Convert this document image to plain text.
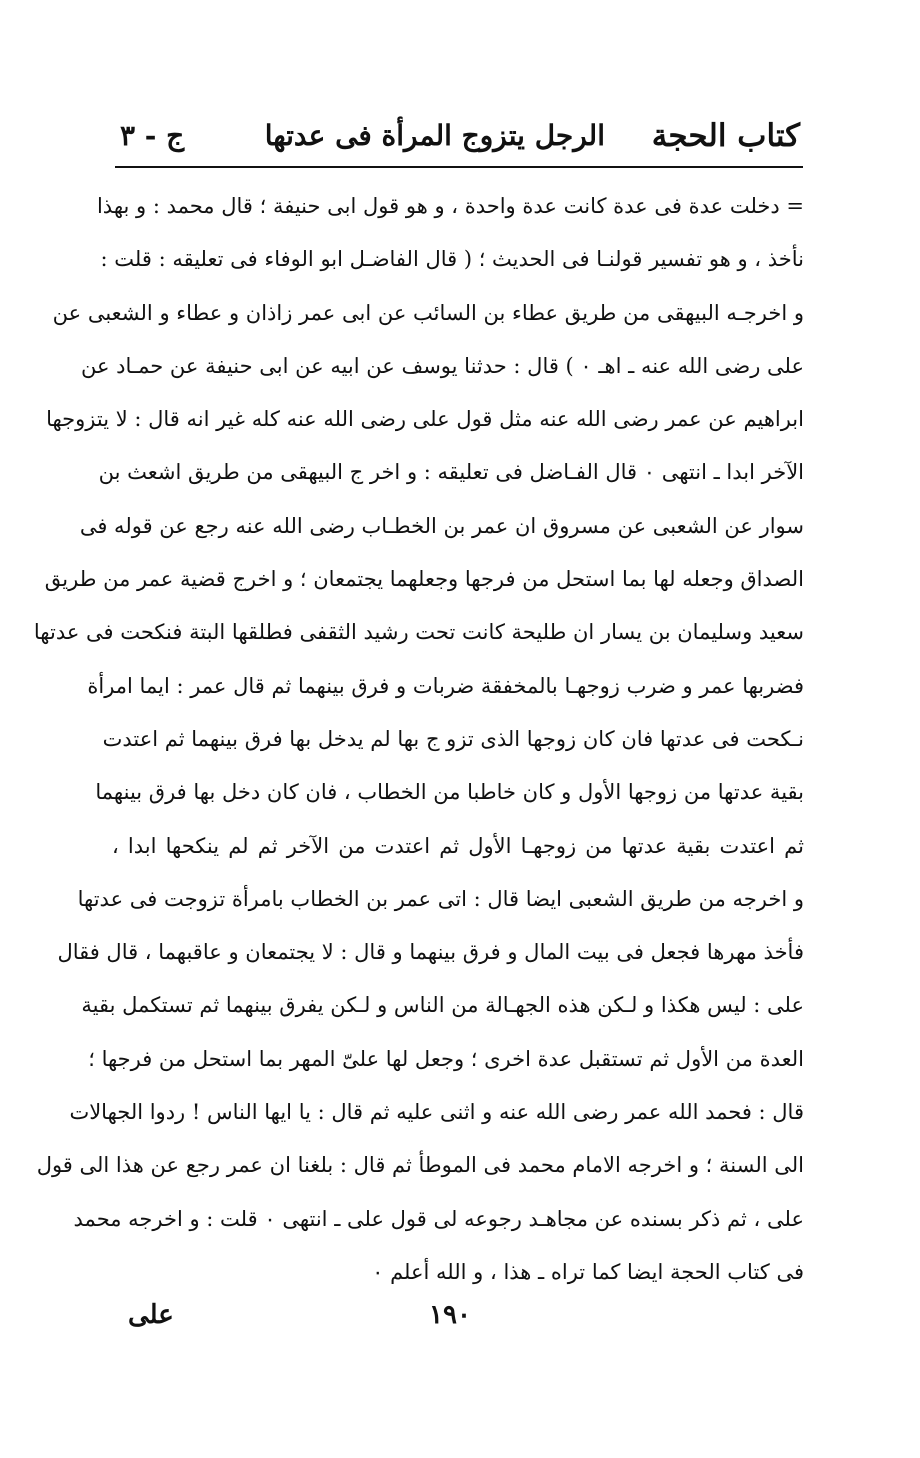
كتاب الحجة
الرجل يتزوج المرأة فى عدتها
ج - ٣
= دخلت عدة فى عدة كانت عدة واحدة ، و هو قول ابى حنيفة ؛ قال محمد : و بهذا
نأخذ ، و هو تفسير قولنـا فى الحديث ؛ ( قال الفاضـل ابو الوفاء فى تعليقه : قلت :
و اخرجـه البيهقى من طريق عطاء بن السائب عن ابى عمر زاذان و عطاء و الشعبى عن
على رضى الله عنه ـ اهـ ٠ ) قال : حدثنا يوسف عن ابيه عن ابى حنيفة عن حمـاد عن
ابراهيم عن عمر رضى الله عنه مثل قول على رضى الله عنه كله غير انه قال : لا يتزوجها
الآخر ابدا ـ انتهى ٠ قال الفـاضل فى تعليقه : و اخر ج البيهقى من طريق اشعث بن
سوار عن الشعبى عن مسروق ان عمر بن الخطـاب رضى الله عنه رجع عن قوله فى
الصداق وجعله لها بما استحل من فرجها وجعلهما يجتمعان ؛ و اخرج قضية عمر من طريق
سعيد وسليمان بن يسار ان طليحة كانت تحت رشيد الثقفى فطلقها البتة فنكحت فى عدتها
فضربها عمر و ضرب زوجهـا بالمخفقة ضربات و فرق بينهما ثم قال عمر : ايما امرأة
نـكحت فى عدتها فان كان زوجها الذى تزو ج بها لم يدخل بها فرق بينهما ثم اعتدت
بقية عدتها من زوجها الأول و كان خاطبا من الخطاب ، فان كان دخل بها فرق بينهما
ثم اعتدت بقية عدتها من زوجهـا الأول ثم اعتدت من الآخر ثم لم ينكحها ابدا ،
و اخرجه من طريق الشعبى ايضا قال : اتى عمر بن الخطاب بامرأة تزوجت فى عدتها
فأخذ مهرها فجعل فى بيت المال و فرق بينهما و قال : لا يجتمعان و عاقبهما ، قال فقال
على : ليس هكذا و لـكن هذه الجهـالة من الناس و لـكن يفرق بينهما ثم تستكمل بقية
العدة من الأول ثم تستقبل عدة اخرى ؛ وجعل لها علىّ المهر بما استحل من فرجها ؛
قال : فحمد الله عمر رضى الله عنه و اثنى عليه ثم قال : يا ايها الناس ! ردوا الجهالات
الى السنة ؛ و اخرجه الامام محمد فى الموطأ ثم قال : بلغنا ان عمر رجع عن هذا الى قول
على ، ثم ذكر بسنده عن مجاهـد رجوعه لى قول على ـ انتهى ٠ قلت : و اخرجه محمد
فى كتاب الحجة ايضا كما تراه ـ هذا ، و الله أعلم ٠
١٩٠
على
